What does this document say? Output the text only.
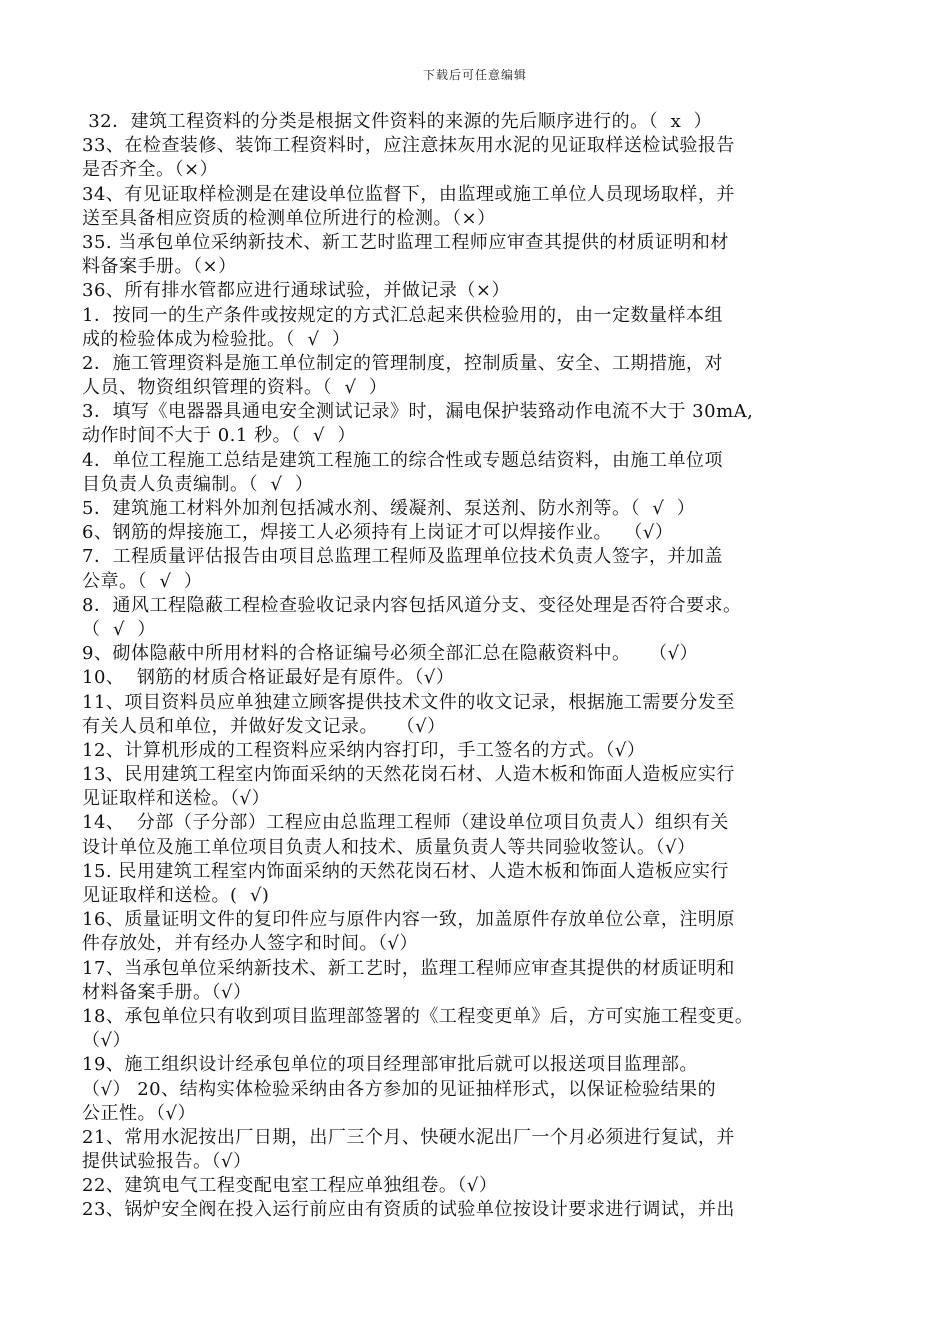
下载后可任意编辑
32．建筑工程资料的分类是根据文件资料的来源的先后顺序进行的。（  x  ）
33、在检查装修、装饰工程资料时，应注意抹灰用水泥的见证取样送检试验报告
是否齐全。（×）
34、有见证取样检测是在建设单位监督下，由监理或施工单位人员现场取样，并
送至具备相应资质的检测单位所进行的检测。（×）
35. 当承包单位采纳新技术、新工艺时监理工程师应审查其提供的材质证明和材
料备案手册。（×）
36、所有排水管都应进行通球试验，并做记录（×）
1．按同一的生产条件或按规定的方式汇总起来供检验用的，由一定数量样本组
成的检验体成为检验批。（  √  ）
2．施工管理资料是施工单位制定的管理制度，控制质量、安全、工期措施，对
人员、物资组织管理的资料。（  √  ）
3．填写《电器器具通电安全测试记录》时，漏电保护装臵动作电流不大于 30mA,
动作时间不大于 0.1 秒。（  √  ）
4．单位工程施工总结是建筑工程施工的综合性或专题总结资料，由施工单位项
目负责人负责编制。（  √  ）
5．建筑施工材料外加剂包括减水剂、缓凝剂、泵送剂、防水剂等。（  √  ）
6、钢筋的焊接施工，焊接工人必须持有上岗证才可以焊接作业。  （√）
7．工程质量评估报告由项目总监理工程师及监理单位技术负责人签字，并加盖
公章。（  √  ）
8．通风工程隐蔽工程检查验收记录内容包括风道分支、变径处理是否符合要求。
（  √  ）
9、砌体隐蔽中所用材料的合格证编号必须全部汇总在隐蔽资料中。   （√）
10、  钢筋的材质合格证最好是有原件。（√）
11、项目资料员应单独建立顾客提供技术文件的收文记录，根据施工需要分发至
有关人员和单位，并做好发文记录。   （√）
12、计算机形成的工程资料应采纳内容打印，手工签名的方式。（√）
13、民用建筑工程室内饰面采纳的天然花岗石材、人造木板和饰面人造板应实行
见证取样和送检。（√）
14、  分部（子分部）工程应由总监理工程师（建设单位项目负责人）组织有关
设计单位及施工单位项目负责人和技术、质量负责人等共同验收签认。（√）
15. 民用建筑工程室内饰面采纳的天然花岗石材、人造木板和饰面人造板应实行
见证取样和送检。(  √)
16、质量证明文件的复印件应与原件内容一致，加盖原件存放单位公章，注明原
件存放处，并有经办人签字和时间。（√）
17、当承包单位采纳新技术、新工艺时，监理工程师应审查其提供的材质证明和
材料备案手册。（√）
18、承包单位只有收到项目监理部签署的《工程变更单》后，方可实施工程变更。
（√）
19、施工组织设计经承包单位的项目经理部审批后就可以报送项目监理部。
（√） 20、结构实体检验采纳由各方参加的见证抽样形式，以保证检验结果的
公正性。（√）
21、常用水泥按出厂日期，出厂三个月、快硬水泥出厂一个月必须进行复试，并
提供试验报告。（√）
22、建筑电气工程变配电室工程应单独组卷。（√）
23、锅炉安全阀在投入运行前应由有资质的试验单位按设计要求进行调试，并出
